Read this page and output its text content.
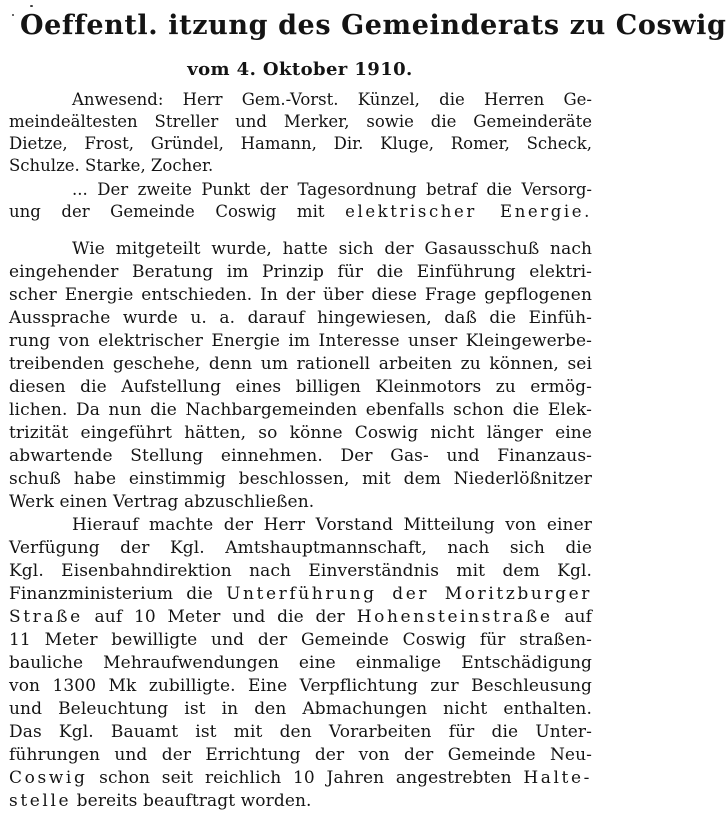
Oeffentl. itzung des Gemeinderats zu Coswig
vom 4. Oktober 1910.

Anwesend: Herr Gem.-Vorst. Künzel, die Herren Ge-

meindeältesten Streller und Merker, sowie die Gemeinderäte

Dietze, Frost, Gründel, Hamann, Dir. Kluge, Romer, Scheck,

Schulze. Starke, Zocher.

... Der zweite Punkt der Tagesordnung betraf die Versorg-

ung der Gemeinde Coswig mit elektrischer Energie.

Wie mitgeteilt wurde, hatte sich der Gasausschuß nach

eingehender Beratung im Prinzip für die Einführung elektri-

scher Energie entschieden. In der über diese Frage gepflogenen

Aussprache wurde u. a. darauf hingewiesen, daß die Einfüh-

rung von elektrischer Energie im Interesse unser Kleingewerbe-

treibenden geschehe, denn um rationell arbeiten zu können, sei

diesen die Aufstellung eines billigen Kleinmotors zu ermög-

lichen. Da nun die Nachbargemeinden ebenfalls schon die Elek-

trizität eingeführt hätten, so könne Coswig nicht länger eine

abwartende Stellung einnehmen. Der Gas- und Finanzaus-

schuß habe einstimmig beschlossen, mit dem Niederlößnitzer

Werk einen Vertrag abzuschließen.

Hierauf machte der Herr Vorstand Mitteilung von einer

Verfügung der Kgl. Amtshauptmannschaft, nach sich die

Kgl. Eisenbahndirektion nach Einverständnis mit dem Kgl.

Finanzministerium die Unterführung der Moritzburger

Straße auf 10 Meter und die der Hohensteinstraße auf

11 Meter bewilligte und der Gemeinde Coswig für straßen-

bauliche Mehraufwendungen eine einmalige Entschädigung

von 1300 Mk zubilligte. Eine Verpflichtung zur Beschleusung

und Beleuchtung ist in den Abmachungen nicht enthalten.

Das Kgl. Bauamt ist mit den Vorarbeiten für die Unter-

führungen und der Errichtung der von der Gemeinde Neu-

Coswig schon seit reichlich 10 Jahren angestrebten Halte-

stelle bereits beauftragt worden.
